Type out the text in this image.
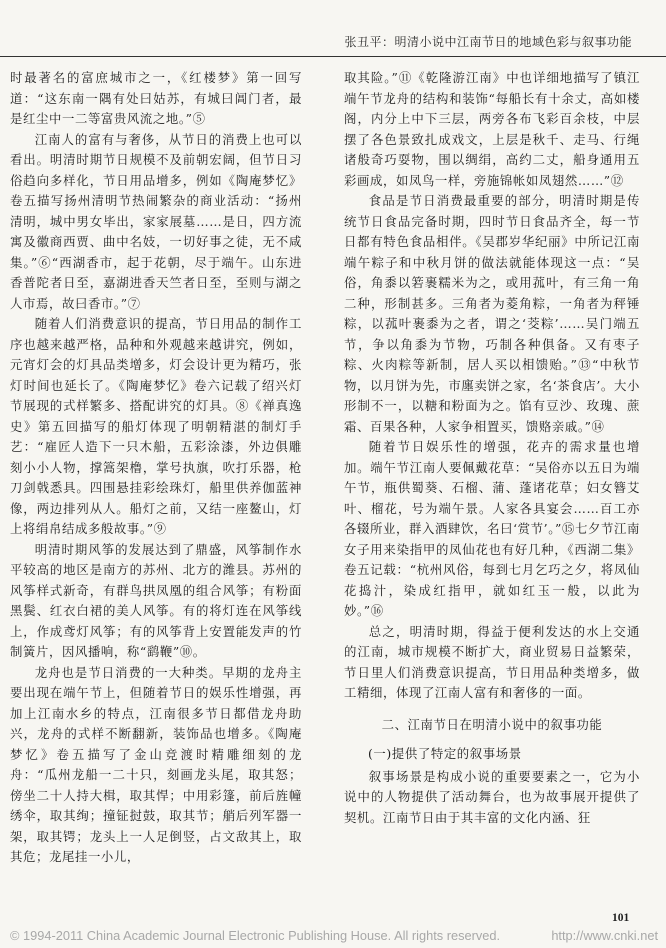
张丑平：明清小说中江南节日的地域色彩与叙事功能

时最著名的富庶城市之一，《红楼梦》第一回写道：“这东南一隅有处曰姑苏，有城曰阊门者，最是红尘中一二等富贵风流之地。”⑤

江南人的富有与奢侈，从节日的消费上也可以看出。明清时期节日规模不及前朝宏阔，但节日习俗趋向多样化，节日用品增多，例如《陶庵梦忆》卷五描写扬州清明节热闹繁杂的商业活动：“扬州清明，城中男女毕出，家家展墓……是日，四方流寓及徽商西贾、曲中名妓，一切好事之徒，无不咸集。”⑥“西湖香市，起于花朝，尽于端午。山东进香普陀者日至，嘉湖进香天竺者日至，至则与湖之人市焉，故曰香市。”⑦

随着人们消费意识的提高，节日用品的制作工序也越来越严格，品种和外观越来越讲究，例如，元宵灯会的灯具品类增多，灯会设计更为精巧，张灯时间也延长了。《陶庵梦忆》卷六记载了绍兴灯节展现的式样繁多、搭配讲究的灯具。⑧《禅真逸史》第五回描写的船灯体现了明朝精湛的制灯手艺：“雇匠人造下一只木船，五彩涂漆，外边俱雕刻小小人物，撑篙架橹，掌号执旗，吹打乐器，枪刀剑戟悉具。四围悬挂彩绘珠灯，船里供养伽蓝神像，两边排列从人。船灯之前，又结一座鳌山，灯上将绢帛结成多般故事。”⑨

明清时期风筝的发展达到了鼎盛，风筝制作水平较高的地区是南方的苏州、北方的潍县。苏州的风筝样式新奇，有群鸟拱凤凰的组合风筝；有粉面黑鬓、红衣白裙的美人风筝。有的将灯连在风筝线上，作成鸢灯风筝；有的风筝背上安置能发声的竹制簧片，因风播响，称“鹞鞭”⑩。

龙舟也是节日消费的一大种类。早期的龙舟主要出现在端午节上，但随着节日的娱乐性增强，再加上江南水乡的特点，江南很多节日都借龙舟助兴，龙舟的式样不断翻新，装饰品也增多。《陶庵梦忆》卷五描写了金山竞渡时精雕细刻的龙舟：“瓜州龙船一二十只，刻画龙头尾，取其怒；傍坐二十人持大楫，取其悍；中用彩篷，前后旌幢绣伞，取其绚；撞钲挝鼓，取其节；艄后列军器一架，取其锷；龙头上一人足倒竖，占文敌其上，取其危；龙尾挂一小儿，

取其险。”⑪《乾隆游江南》中也详细地描写了镇江端午节龙舟的结构和装饰“每船长有十余丈，高如楼阁，内分上中下三层，两旁各布飞彩百余枝，中层摆了各色景致扎成戏文，上层是秋千、走马、行绳诸般奇巧耍物，围以绸绢，高约二丈，船身通用五彩画成，如凤鸟一样，旁施锦帐如凤翅然……”⑫

食品是节日消费最重要的部分，明清时期是传统节日食品完备时期，四时节日食品齐全，每一节日都有特色食品相伴。《吴郡岁华纪丽》中所记江南端午粽子和中秋月饼的做法就能体现这一点：“吴俗，角黍以箬裹糯米为之，或用菰叶，有三角一角二种，形制甚多。三角者为菱角粽，一角者为秤锤粽，以菰叶裹黍为之者，谓之‘茭粽’……吴门端五节，争以角黍为节物，巧制各种俱备。又有枣子粽、火肉粽等新制，居人买以相馈贻。”⑬“中秋节物，以月饼为先，市廛卖饼之家，名‘茶食店’。大小形制不一，以糖和粉面为之。馅有豆沙、玫瑰、蔗霜、百果各种，人家争相置买，馈赂亲戚。”⑭

随着节日娱乐性的增强，花卉的需求量也增加。端午节江南人要佩戴花草：“吴俗亦以五日为端午节，瓶供蜀葵、石榴、蒲、蓬诸花草；妇女簪艾叶、榴花，号为端午景。人家各具宴会……百工亦各辍所业，群入酒肆饮，名曰‘赏节’。”⑮七夕节江南女子用来染指甲的凤仙花也有好几种，《西湖二集》卷五记载：“杭州风俗，每到七月乞巧之夕，将凤仙花捣汁，染成红指甲，就如红玉一般，以此为妙。”⑯

总之，明清时期，得益于便利发达的水上交通的江南，城市规模不断扩大，商业贸易日益繁荣，节日里人们消费意识提高，节日用品种类增多，做工精细，体现了江南人富有和奢侈的一面。

二、江南节日在明清小说中的叙事功能

(一)提供了特定的叙事场景

叙事场景是构成小说的重要要素之一，它为小说中的人物提供了活动舞台，也为故事展开提供了契机。江南节日由于其丰富的文化内涵、狂

101
© 1994-2011 China Academic Journal Electronic Publishing House. All rights reserved.	http://www.cnki.net
